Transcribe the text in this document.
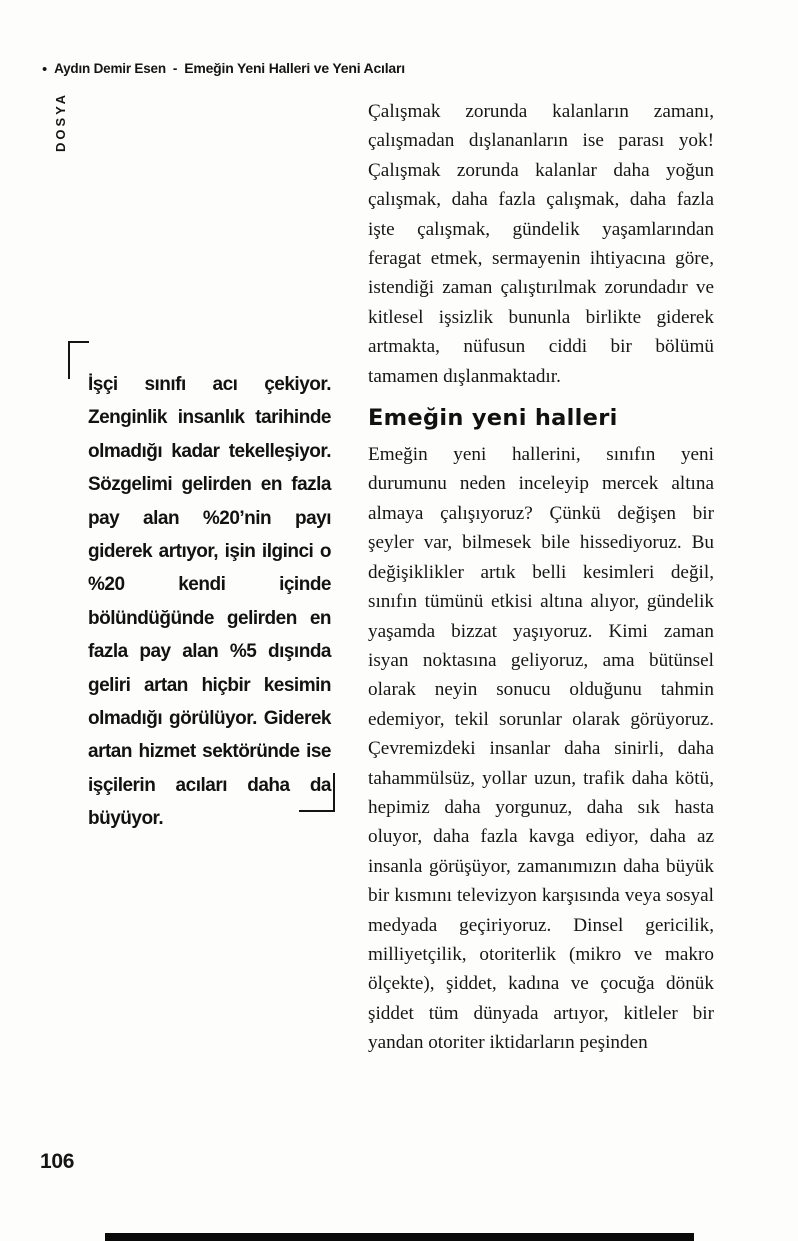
• Aydın Demir Esen - Emeğin Yeni Halleri ve Yeni Acıları
DOSYA
İşçi sınıfı acı çekiyor. Zenginlik insanlık tarihinde olmadığı kadar tekelleşiyor. Sözgelimi gelirden en fazla pay alan %20’nin payı giderek artıyor, işin ilginci o %20 kendi içinde bölündüğünde gelirden en fazla pay alan %5 dışında geliri artan hiçbir kesimin olmadığı görülüyor. Giderek artan hizmet sektöründe ise işçilerin acıları daha da büyüyor.

Çalışmak zorunda kalanların zamanı, çalışmadan dışlananların ise parası yok! Çalışmak zorunda kalanlar daha yoğun çalışmak, daha fazla çalışmak, daha fazla işte çalışmak, gündelik yaşamlarından feragat etmek, sermayenin ihtiyacına göre, istendiği zaman çalıştırılmak zorundadır ve kitlesel işsizlik bununla birlikte giderek artmakta, nüfusun ciddi bir bölümü tamamen dışlanmaktadır.

Emeğin yeni halleri

Emeğin yeni hallerini, sınıfın yeni durumunu neden inceleyip mercek altına almaya çalışıyoruz? Çünkü değişen bir şeyler var, bilmesek bile hissediyoruz. Bu değişiklikler artık belli kesimleri değil, sınıfın tümünü etkisi altına alıyor, gündelik yaşamda bizzat yaşıyoruz. Kimi zaman isyan noktasına geliyoruz, ama bütünsel olarak neyin sonucu olduğunu tahmin edemiyor, tekil sorunlar olarak görüyoruz. Çevremizdeki insanlar daha sinirli, daha tahammülsüz, yollar uzun, trafik daha kötü, hepimiz daha yorgunuz, daha sık hasta oluyor, daha fazla kavga ediyor, daha az insanla görüşüyor, zamanımızın daha büyük bir kısmını televizyon karşısında veya sosyal medyada geçiriyoruz. Dinsel gericilik, milliyetçilik, otoriterlik (mikro ve makro ölçekte), şiddet, kadına ve çocuğa dönük şiddet tüm dünyada artıyor, kitleler bir yandan otoriter iktidarların peşinden

106
